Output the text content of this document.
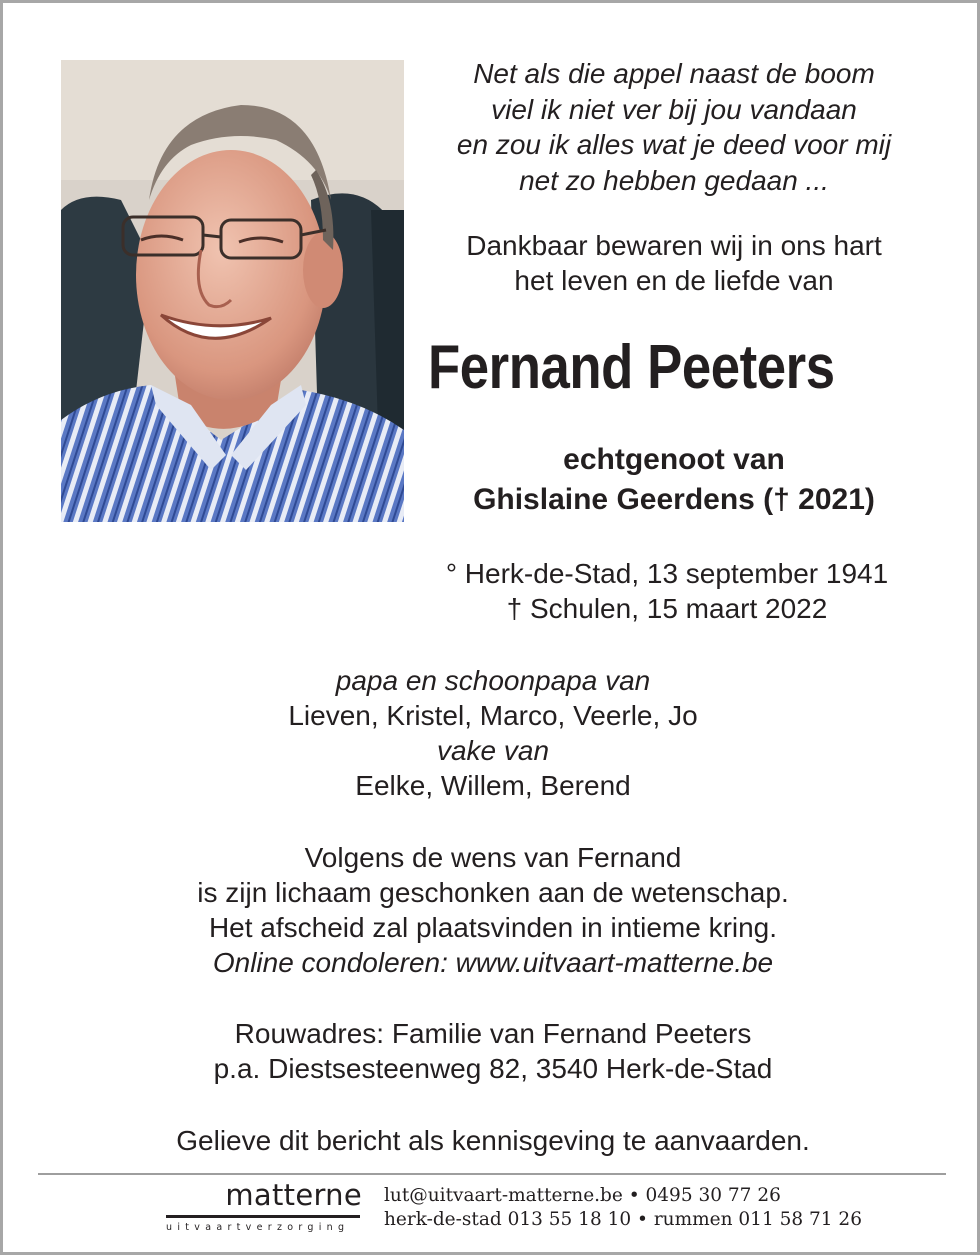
Net als die appel naast de boom
viel ik niet ver bij jou vandaan
en zou ik alles wat je deed voor mij
net zo hebben gedaan ...
Dankbaar bewaren wij in ons hart
het leven en de liefde van
Fernand Peeters
echtgenoot van
Ghislaine Geerdens († 2021)
° Herk-de-Stad, 13 september 1941
† Schulen, 15 maart 2022
papa en schoonpapa van
Lieven, Kristel, Marco, Veerle, Jo
vake van
Eelke, Willem, Berend
Volgens de wens van Fernand
is zijn lichaam geschonken aan de wetenschap.
Het afscheid zal plaatsvinden in intieme kring.
Online condoleren: www.uitvaart-matterne.be
Rouwadres: Familie van Fernand Peeters
p.a. Diestsesteenweg 82, 3540 Herk-de-Stad
Gelieve dit bericht als kennisgeving te aanvaarden.
matterne
uitvaartverzorging
lut@uitvaart-matterne.be • 0495 30 77 26
herk-de-stad 013 55 18 10 • rummen 011 58 71 26
